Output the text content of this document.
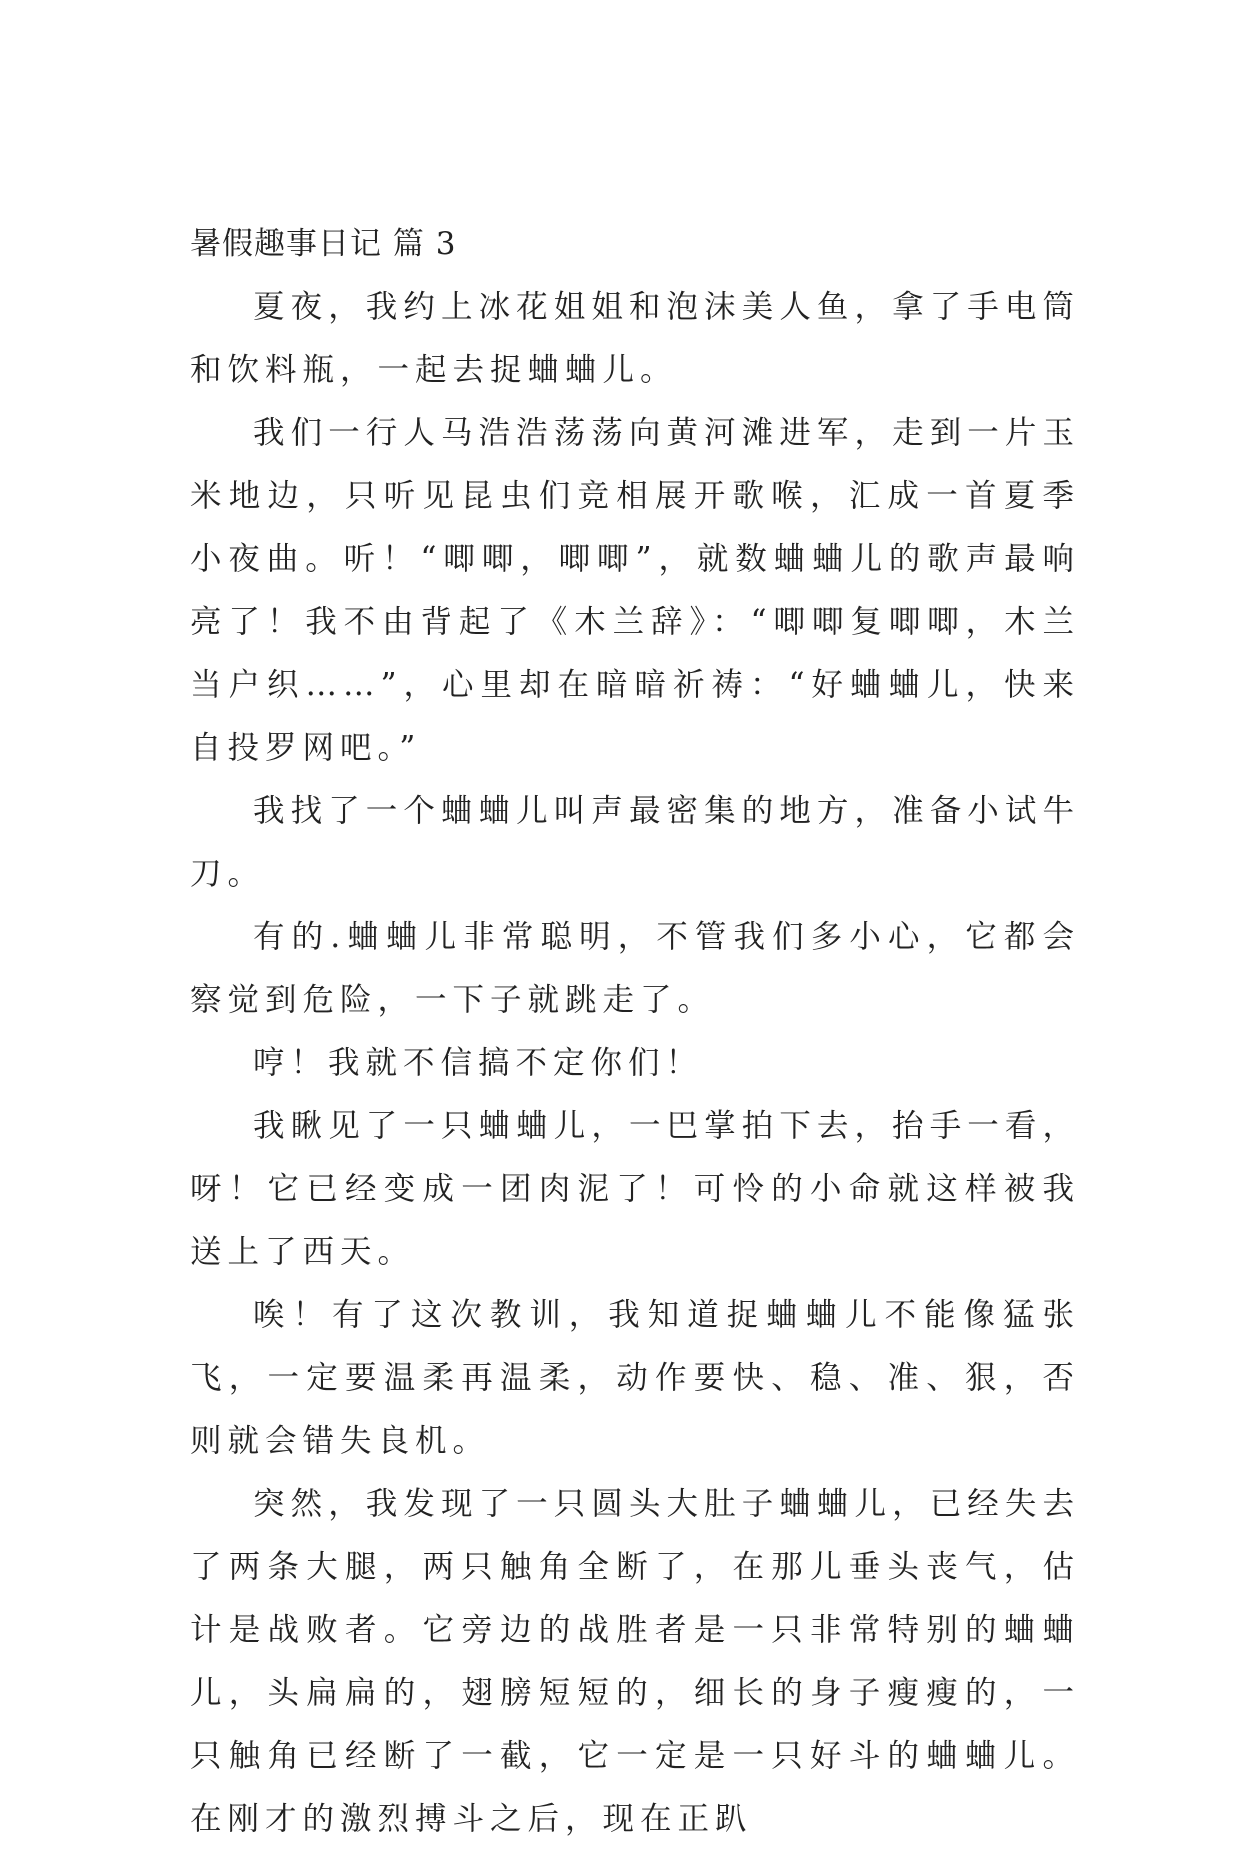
暑假趣事日记 篇 3

夏夜，我约上冰花姐姐和泡沫美人鱼，拿了手电筒和饮料瓶，一起去捉蛐蛐儿。

我们一行人马浩浩荡荡向黄河滩进军，走到一片玉米地边，只听见昆虫们竞相展开歌喉，汇成一首夏季小夜曲。听！“唧唧，唧唧”，就数蛐蛐儿的歌声最响亮了！我不由背起了《木兰辞》：“唧唧复唧唧，木兰当户织……”，心里却在暗暗祈祷：“好蛐蛐儿，快来自投罗网吧。”

我找了一个蛐蛐儿叫声最密集的地方，准备小试牛刀。

有的.蛐蛐儿非常聪明，不管我们多小心，它都会察觉到危险，一下子就跳走了。

哼！我就不信搞不定你们！

我瞅见了一只蛐蛐儿，一巴掌拍下去，抬手一看，呀！它已经变成一团肉泥了！可怜的小命就这样被我送上了西天。

唉！有了这次教训，我知道捉蛐蛐儿不能像猛张飞，一定要温柔再温柔，动作要快、稳、准、狠，否则就会错失良机。

突然，我发现了一只圆头大肚子蛐蛐儿，已经失去了两条大腿，两只触角全断了，在那儿垂头丧气，估计是战败者。它旁边的战胜者是一只非常特别的蛐蛐儿，头扁扁的，翅膀短短的，细长的身子瘦瘦的，一只触角已经断了一截，它一定是一只好斗的蛐蛐儿。在刚才的激烈搏斗之后，现在正趴
